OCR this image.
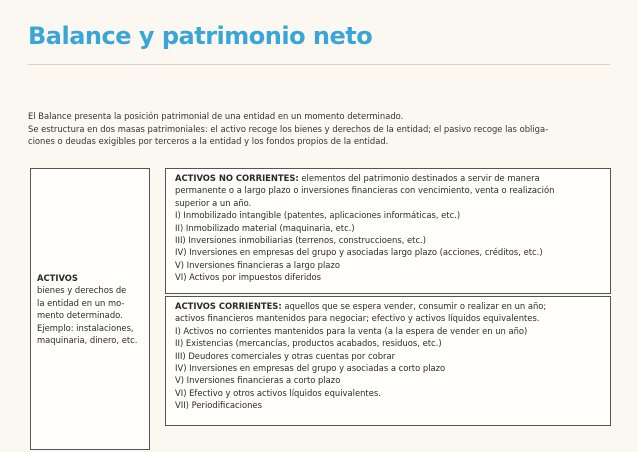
Balance y patrimonio neto

El Balance presenta la posición patrimonial de una entidad en un momento determinado.

Se estructura en dos masas patrimoniales: el activo recoge los bienes y derechos de la entidad; el pasivo recoge las obliga-

ciones o deudas exigibles por terceros a la entidad y los fondos propios de la entidad.

ACTIVOS
bienes y derechos de
la entidad en un mo-
mento determinado.
Ejemplo: instalaciones,
maquinaria, dinero, etc.
ACTIVOS NO CORRIENTES: elementos del patrimonio destinados a servir de manera
permanente o a largo plazo o inversiones financieras con vencimiento, venta o realización
superior a un año.
I) Inmobilizado intangible (patentes, aplicaciones informáticas, etc.)
II) Inmobilizado material (maquinaria, etc.)
III) Inversiones inmobiliarias (terrenos, construccioens, etc.)
IV) Inversiones en empresas del grupo y asociadas largo plazo (acciones, créditos, etc.)
V) Inversiones financieras a largo plazo
VI) Activos por impuestos diferidos
ACTIVOS CORRIENTES: aquellos que se espera vender, consumir o realizar en un año;
activos financieros mantenidos para negociar; efectivo y activos líquidos equivalentes.
I) Activos no corrientes mantenidos para la venta (a la espera de vender en un año)
II) Existencias (mercancías, productos acabados, residuos, etc.)
III) Deudores comerciales y otras cuentas por cobrar
IV) Inversiones en empresas del grupo y asociadas a corto plazo
V) Inversiones financieras a corto plazo
VI) Efectivo y otros activos líquidos equivalentes.
VII) Periodificaciones
